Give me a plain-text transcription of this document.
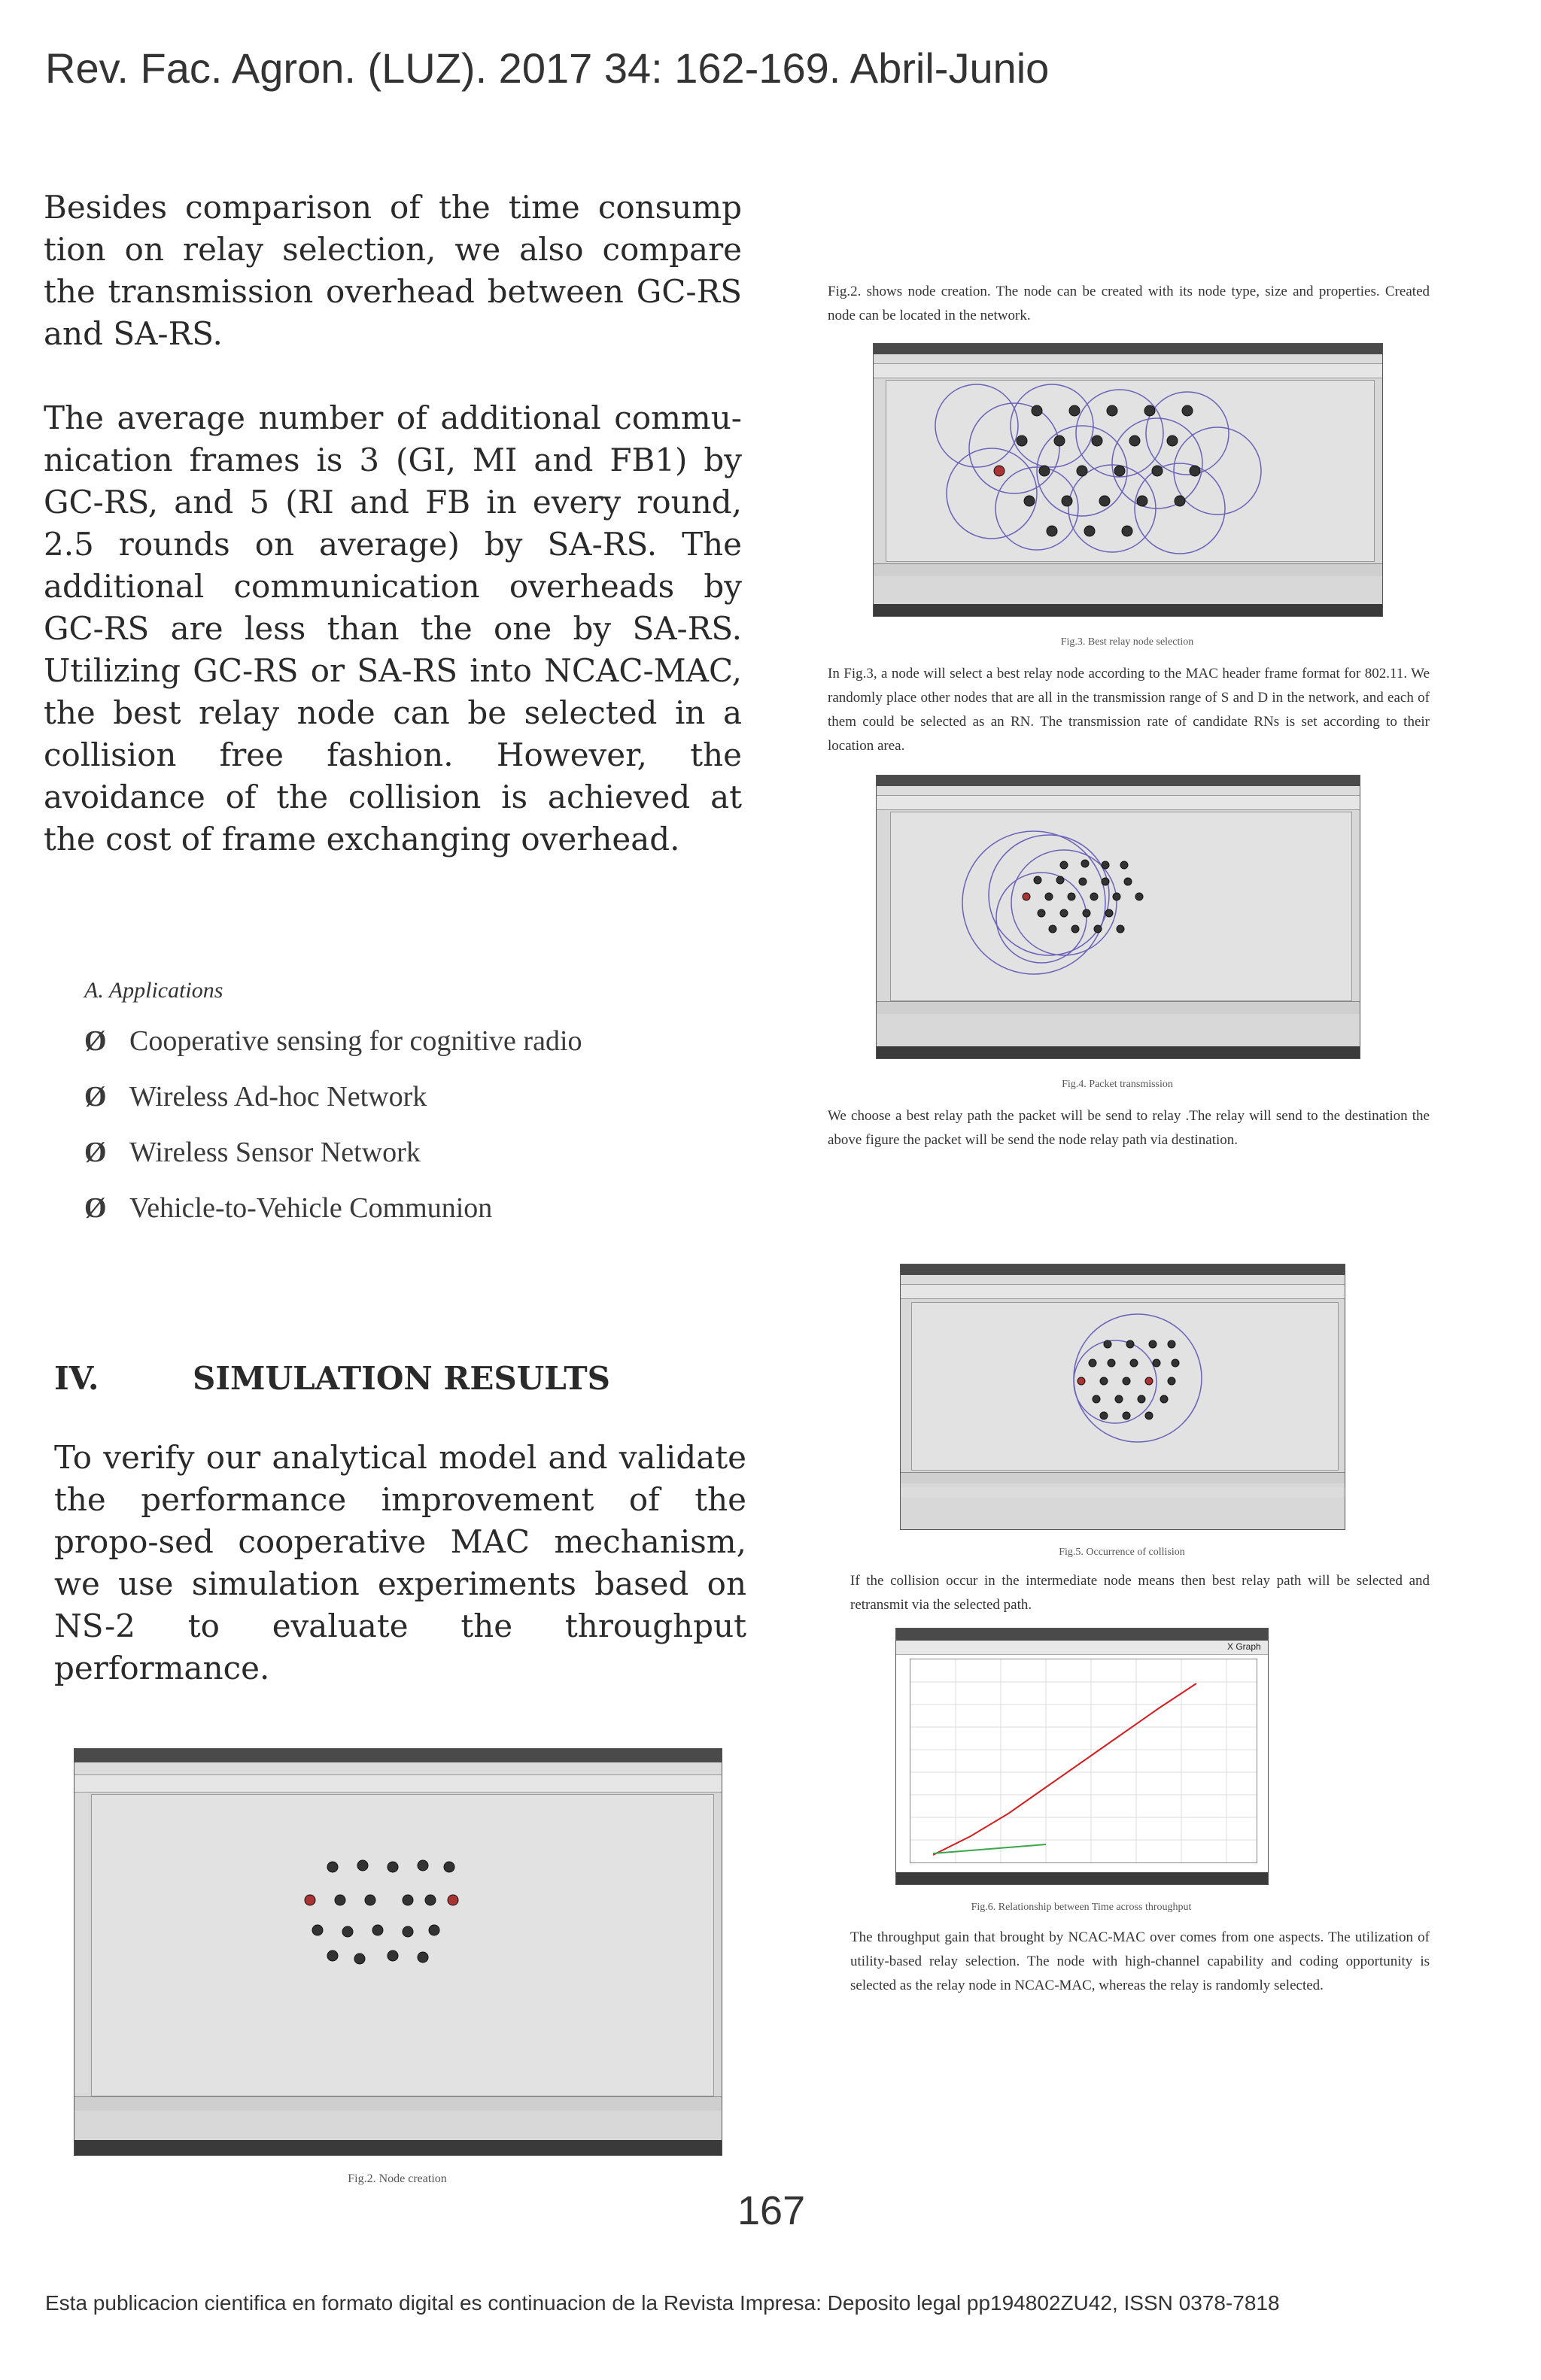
Rev. Fac. Agron. (LUZ). 2017 34: 162-169. Abril-Junio

Besides comparison of the time consump tion on relay selection, we also compare the transmission overhead between GC-RS and SA-RS.

The average number of additional commu-nication frames is 3 (GI, MI and FB1) by GC-RS, and 5 (RI and FB in every round, 2.5 rounds on average) by SA-RS. The additional communication overheads by GC-RS are less than the one by SA-RS. Utilizing GC-RS or SA-RS into NCAC-MAC, the best relay node can be selected in a collision free fashion. However, the avoidance of the collision is achieved at the cost of frame exchanging overhead.

A. Applications
Ø Cooperative sensing for cognitive radio
Ø Wireless Ad-hoc Network
Ø Wireless Sensor Network
Ø Vehicle-to-Vehicle Communion
IV.	SIMULATION RESULTS

To verify our analytical model and validate the performance improvement of the propo-sed cooperative MAC mechanism, we use simulation experiments based on NS-2 to evaluate the throughput performance.

Fig.2. Node creation
Fig.2. shows node creation. The node can be created with its node type, size and properties. Created node can be located in the network.
Fig.3. Best relay node selection
In Fig.3, a node will select a best relay node according to the MAC header frame format for 802.11. We randomly place other nodes that are all in the transmission range of S and D in the network, and each of them could be selected as an RN. The transmission rate of candidate RNs is set according to their location area.
Fig.4. Packet transmission
We choose a best relay path the packet will be send to relay .The relay will send to the destination the above figure the packet will be send the node relay path via destination.
Fig.5. Occurrence of collision
If the collision occur in the intermediate node means then best relay path will be selected and retransmit via the selected path.
X Graph
Fig.6. Relationship between Time across throughput
The throughput gain that brought by NCAC-MAC over comes from one aspects. The utilization of utility-based relay selection. The node with high-channel capability and coding opportunity is selected as the relay node in NCAC-MAC, whereas the relay is randomly selected.
167
Esta publicacion cientifica en formato digital es continuacion de la Revista Impresa: Deposito legal pp194802ZU42, ISSN 0378-7818
